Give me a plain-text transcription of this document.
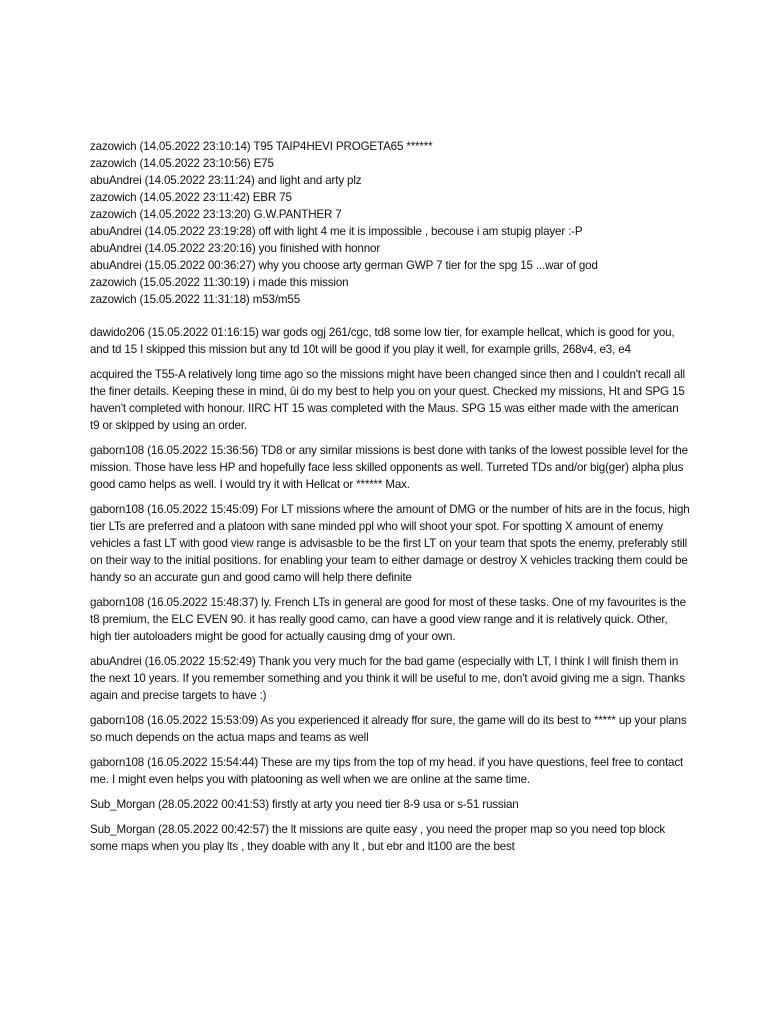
zazowich (14.05.2022 23:10:14) T95 TAIP4HEVI PROGETA65 ******
zazowich (14.05.2022 23:10:56) E75
abuAndrei (14.05.2022 23:11:24) and light and arty plz
zazowich (14.05.2022 23:11:42) EBR 75
zazowich (14.05.2022 23:13:20) G.W.PANTHER 7
abuAndrei (14.05.2022 23:19:28) off with light 4 me it is impossible , becouse i am stupig player :-P
abuAndrei (14.05.2022 23:20:16) you finished with honnor
abuAndrei (15.05.2022 00:36:27) why you choose arty german GWP 7 tier for the spg 15 ...war of god
zazowich (15.05.2022 11:30:19) i made this mission
zazowich (15.05.2022 11:31:18) m53/m55

dawido206 (15.05.2022 01:16:15) war gods ogj 261/cgc, td8 some low tier, for example hellcat, which is good for you, and td 15 I skipped this mission but any td 10t will be good if you play it well, for example grills, 268v4, e3, e4

acquired the T55-A relatively long time ago so the missions might have been changed since then and I couldn't recall all the finer details. Keeping these in mind, ûi do my best to help you on your quest. Checked my missions, Ht and SPG 15 haven't completed with honour. IIRC HT 15 was completed with the Maus. SPG 15 was either made with the american t9 or skipped by using an order.

gaborn108 (16.05.2022 15:36:56) TD8 or any similar missions is best done with tanks of the lowest possible level for the mission. Those have less HP and hopefully face less skilled opponents as well. Turreted TDs and/or big(ger) alpha plus good camo helps as well. I would try it with Hellcat or ****** Max.

gaborn108 (16.05.2022 15:45:09) For LT missions where the amount of DMG or the number of hits are in the focus, high tier LTs are preferred and a platoon with sane minded ppl who will shoot your spot. For spotting X amount of enemy vehicles a fast LT with good view range is advisasble to be the first LT on your team that spots the enemy, preferably still on their way to the initial positions. for enabling your team to either damage or destroy X vehicles tracking them could be handy so an accurate gun and good camo will help there definite

gaborn108 (16.05.2022 15:48:37) ly. French LTs in general are good for most of these tasks. One of my favourites is the t8 premium, the ELC EVEN 90. it has really good camo, can have a good view range and it is relatively quick. Other, high tier autoloaders might be good for actually causing dmg of your own.

abuAndrei (16.05.2022 15:52:49) Thank you very much for the bad game (especially with LT, I think I will finish them in the next 10 years. If you remember something and you think it will be useful to me, don't avoid giving me a sign. Thanks again and precise targets to have :)

gaborn108 (16.05.2022 15:53:09) As you experienced it already ffor sure, the game will do its best to ***** up your plans so much depends on the actua maps and teams as well

gaborn108 (16.05.2022 15:54:44) These are my tips from the top of my head. if you have questions, feel free to contact me. I might even helps you with platooning as well when we are online at the same time.

Sub_Morgan (28.05.2022 00:41:53) firstly at arty you need tier 8-9 usa or s-51 russian

Sub_Morgan (28.05.2022 00:42:57) the lt missions are quite easy , you need the proper map so you need top block some maps when you play lts , they doable with any lt , but ebr and lt100 are the best
